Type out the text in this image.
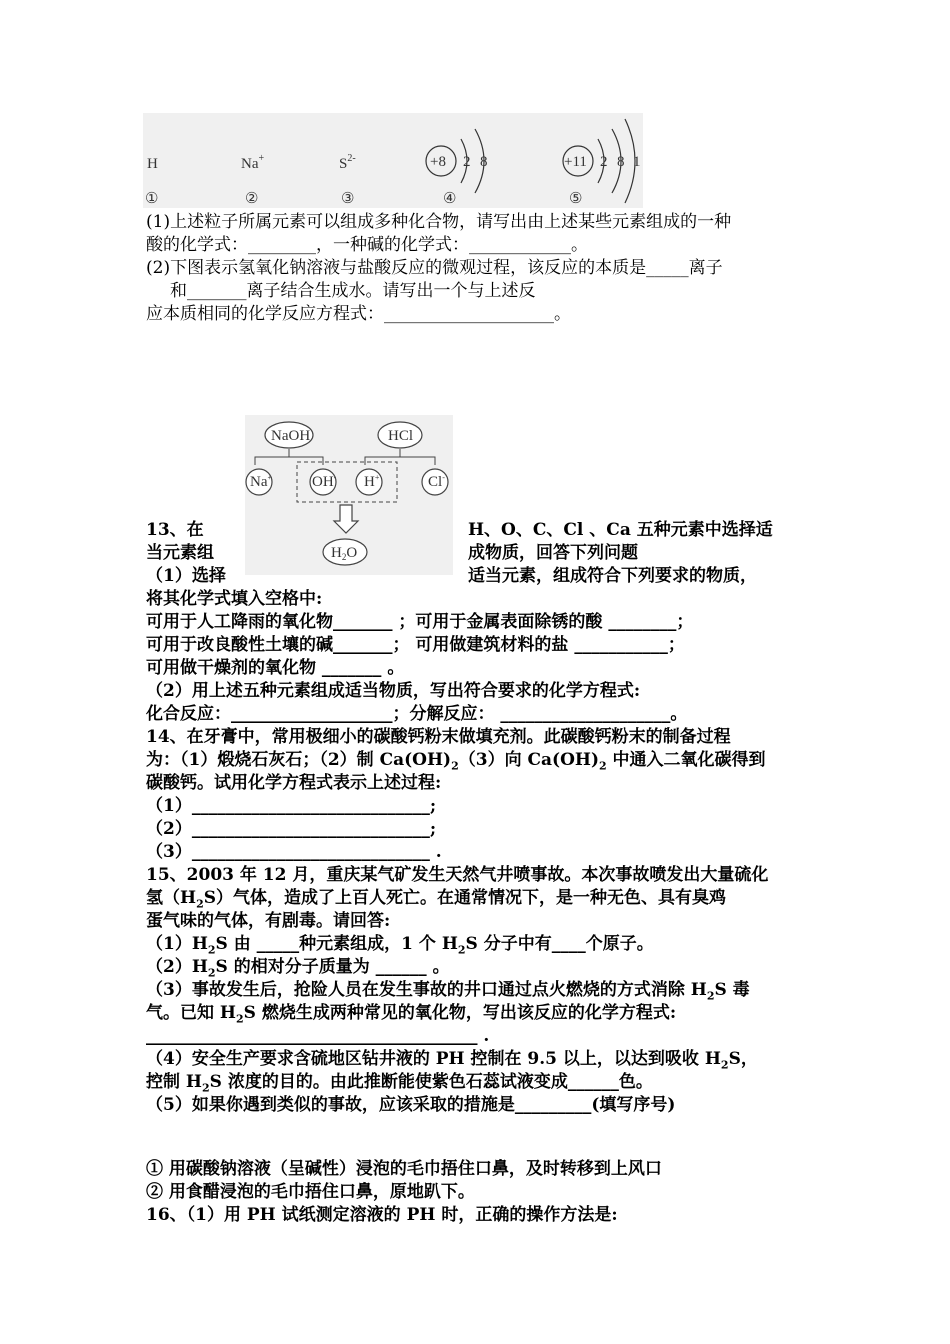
H	Na+	$S^{2-}$	+8 2 8	+11 2 8 1
①	②	③	④	⑤
(1)上述粒子所属元素可以组成多种化合物，请写出由上述某些元素组成的一种
酸的化学式：________，一种碱的化学式：____________。
(2)下图表示氢氧化钠溶液与盐酸反应的微观过程，该反应的本质是_____离子
和_______离子结合生成水。请写出一个与上述反
应本质相同的化学反应方程式：____________________。
NaOH	HCl
Na+	OH- H+	Cl-
$H_2O$
13、在	H、O、C、Cl 、Ca 五种元素中选择适
当元素组	成物质，回答下列问题
（1）选择	适当元素，组成符合下列要求的物质，
将其化学式填入空格中:
可用于人工降雨的氧化物_______ ；可用于金属表面除锈的酸 ________；
可用于改良酸性土壤的碱_______； 可用做建筑材料的盐 ___________；
可用做干燥剂的氧化物 _______ 。
（2）用上述五种元素组成适当物质，写出符合要求的化学方程式:
化合反应：___________________；分解反应： ____________________。
14、在牙膏中，常用极细小的碳酸钙粉末做填充剂。此碳酸钙粉末的制备过程
为：（1）煅烧石灰石；（2）制 $Ca(OH)_2(3)$向 $Ca(OH)_2$ 中通入二氧化碳得到
碳酸钙。试用化学方程式表示上述过程:
（1）____________________________;
（2）____________________________;
（3）____________________________ .
15、2003 年 12 月，重庆某气矿发生天然气井喷事故。本次事故喷发出大量硫化
氢$(H_2S)$气体，造成了上百人死亡。在通常情况下，是一种无色、具有臭鸡
蛋气味的气体，有剧毒。请回答:
$(1)H_2S$ 由 _____种元素组成，1 个 $H_2S$ 分子中有____个原子。
$(2)H_2S$ 的相对分子质量为 ______ 。
（3）事故发生后，抢险人员在发生事故的井口通过点火燃烧的方式消除 $H_2S$ 毒
气。已知 $H_2S$ 燃烧生成两种常见的氧化物，写出该反应的化学方程式:
_______________________________________ .
（4）安全生产要求含硫地区钻井液的 PH 控制在 9.5 以上，以达到吸收 $H_2S$，
控制 $H_2S$ 浓度的目的。由此推断能使紫色石蕊试液变成______色。
（5）如果你遇到类似的事故，应该采取的措施是_________(填写序号)
① 用碳酸钠溶液（呈碱性）浸泡的毛巾捂住口鼻，及时转移到上风口
② 用食醋浸泡的毛巾捂住口鼻，原地趴下。
16、（1）用 PH 试纸测定溶液的 PH 时，正确的操作方法是:
